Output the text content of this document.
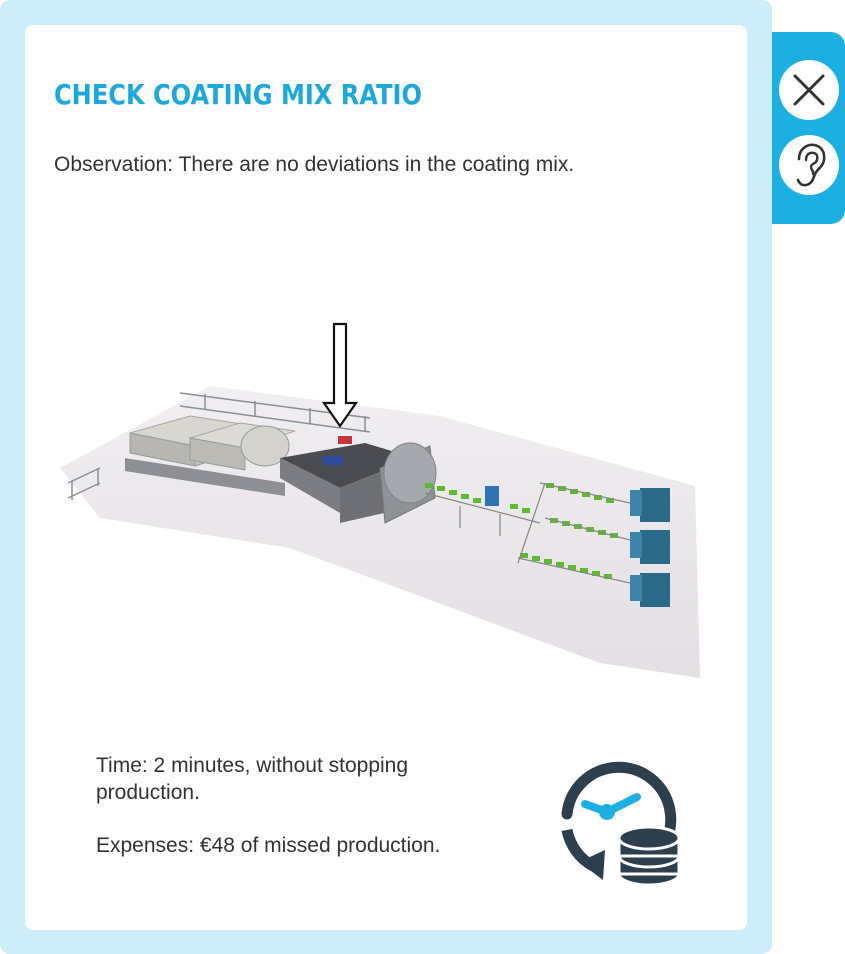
CHECK COATING MIX RATIO
Observation: There are no deviations in the coating mix.

Time: 2 minutes, without stopping production.

Expenses: €48 of missed production.
